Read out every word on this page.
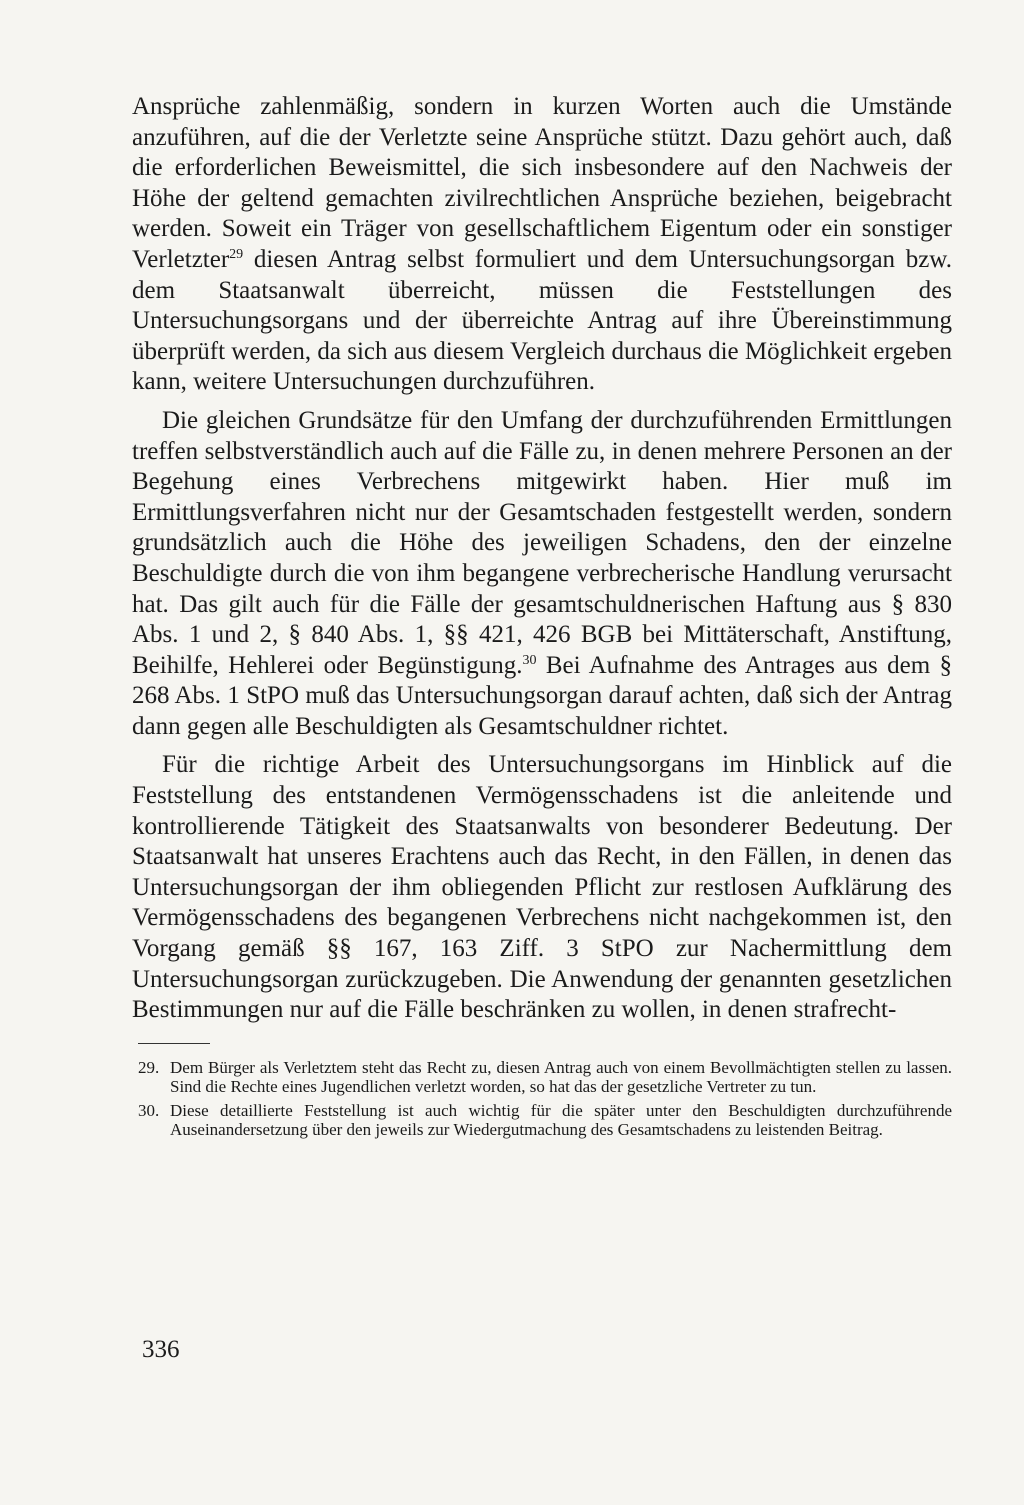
Ansprüche zahlenmäßig, sondern in kurzen Worten auch die Umstände anzuführen, auf die der Verletzte seine Ansprüche stützt. Dazu gehört auch, daß die erforderlichen Beweismittel, die sich insbesondere auf den Nachweis der Höhe der geltend gemachten zivilrechtlichen Ansprüche beziehen, beigebracht werden. Soweit ein Träger von gesellschaftlichem Eigentum oder ein sonstiger Verletzter$^{29}$ diesen Antrag selbst formuliert und dem Untersuchungsorgan bzw. dem Staatsanwalt überreicht, müssen die Feststellungen des Untersuchungsorgans und der überreichte Antrag auf ihre Übereinstimmung überprüft werden, da sich aus diesem Vergleich durchaus die Möglichkeit ergeben kann, weitere Untersuchungen durchzuführen.

Die gleichen Grundsätze für den Umfang der durchzuführenden Ermittlungen treffen selbstverständlich auch auf die Fälle zu, in denen mehrere Personen an der Begehung eines Verbrechens mitgewirkt haben. Hier muß im Ermittlungsverfahren nicht nur der Gesamtschaden festgestellt werden, sondern grundsätzlich auch die Höhe des jeweiligen Schadens, den der einzelne Beschuldigte durch die von ihm begangene verbrecherische Handlung verursacht hat. Das gilt auch für die Fälle der gesamtschuldnerischen Haftung aus § 830 Abs. 1 und 2, § 840 Abs. 1, §§ 421, 426 BGB bei Mittäterschaft, Anstiftung, Beihilfe, Hehlerei oder Begünstigung.$^{30}$ Bei Aufnahme des Antrages aus dem § 268 Abs. 1 StPO muß das Untersuchungsorgan darauf achten, daß sich der Antrag dann gegen alle Beschuldigten als Gesamtschuldner richtet.

Für die richtige Arbeit des Untersuchungsorgans im Hinblick auf die Feststellung des entstandenen Vermögensschadens ist die anleitende und kontrollierende Tätigkeit des Staatsanwalts von besonderer Bedeutung. Der Staatsanwalt hat unseres Erachtens auch das Recht, in den Fällen, in denen das Untersuchungsorgan der ihm obliegenden Pflicht zur restlosen Aufklärung des Vermögensschadens des begangenen Verbrechens nicht nachgekommen ist, den Vorgang gemäß §§ 167, 163 Ziff. 3 StPO zur Nachermittlung dem Untersuchungsorgan zurückzugeben. Die Anwendung der genannten gesetzlichen Bestimmungen nur auf die Fälle beschränken zu wollen, in denen strafrecht-

29. Dem Bürger als Verletztem steht das Recht zu, diesen Antrag auch von einem Bevollmächtigten stellen zu lassen. Sind die Rechte eines Jugendlichen verletzt worden, so hat das der gesetzliche Vertreter zu tun.
30. Diese detaillierte Feststellung ist auch wichtig für die später unter den Beschuldigten durchzuführende Auseinandersetzung über den jeweils zur Wiedergutmachung des Gesamtschadens zu leistenden Beitrag.
336
